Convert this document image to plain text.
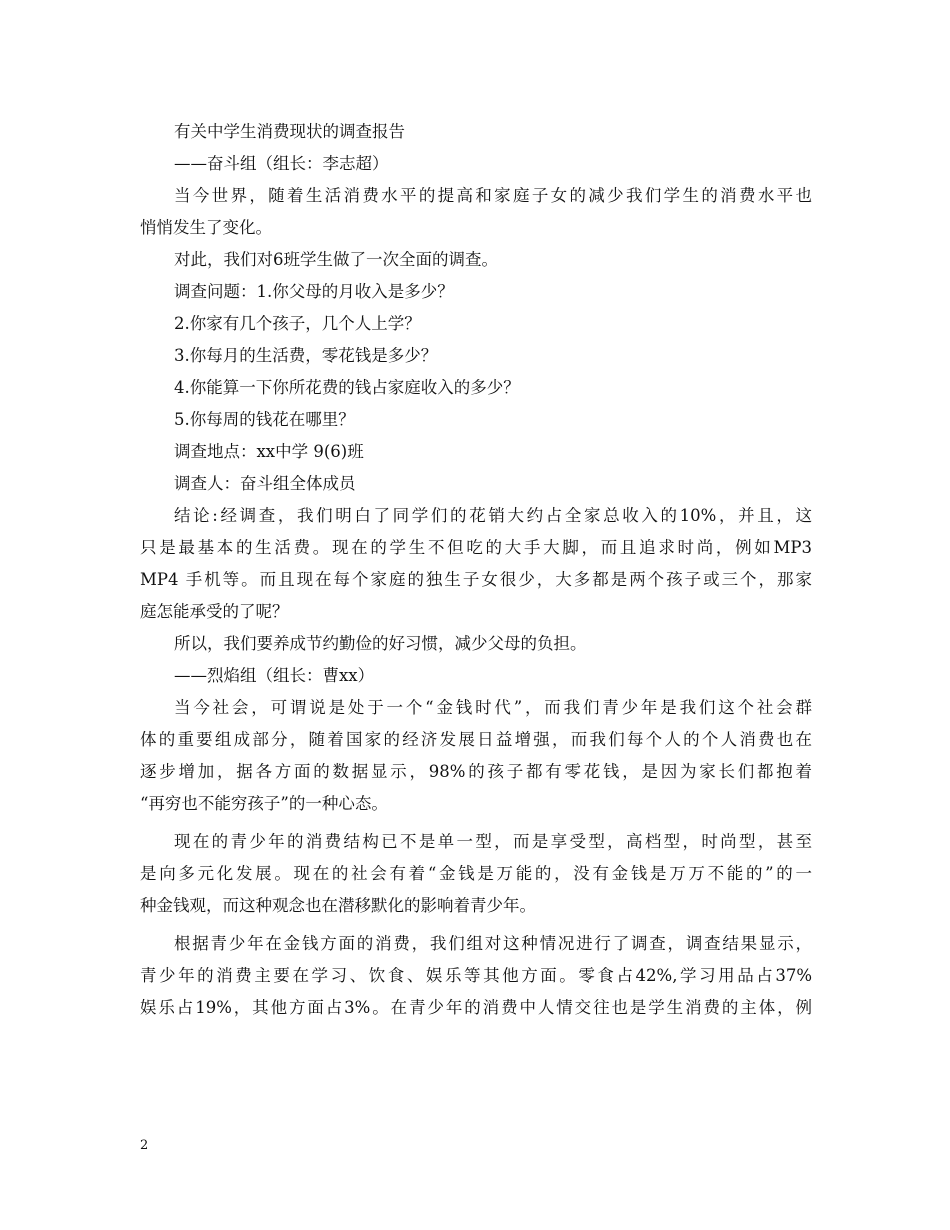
有关中学生消费现状的调查报告
——奋斗组（组长：李志超）
当今世界，随着生活消费水平的提高和家庭子女的减少我们学生的消费水平也
悄悄发生了变化。
对此，我们对6班学生做了一次全面的调查。
调查问题：1.你父母的月收入是多少？
2.你家有几个孩子，几个人上学？
3.你每月的生活费，零花钱是多少？
4.你能算一下你所花费的钱占家庭收入的多少？
5.你每周的钱花在哪里？
调查地点：xx中学 9(6)班
调查人：奋斗组全体成员
结论:经调查，我们明白了同学们的花销大约占全家总收入的10%，并且，这
只是最基本的生活费。现在的学生不但吃的大手大脚，而且追求时尚，例如MP3
MP4 手机等。而且现在每个家庭的独生子女很少，大多都是两个孩子或三个，那家
庭怎能承受的了呢？
所以，我们要养成节约勤俭的好习惯，减少父母的负担。
——烈焰组（组长：曹xx）
当今社会，可谓说是处于一个“金钱时代”，而我们青少年是我们这个社会群
体的重要组成部分，随着国家的经济发展日益增强，而我们每个人的个人消费也在
逐步增加，据各方面的数据显示，98%的孩子都有零花钱，是因为家长们都抱着
“再穷也不能穷孩子”的一种心态。
现在的青少年的消费结构已不是单一型，而是享受型，高档型，时尚型，甚至
是向多元化发展。现在的社会有着“金钱是万能的，没有金钱是万万不能的”的一
种金钱观，而这种观念也在潜移默化的影响着青少年。
根据青少年在金钱方面的消费，我们组对这种情况进行了调查，调查结果显示，
青少年的消费主要在学习、饮食、娱乐等其他方面。零食占42%,学习用品占37%
娱乐占19%，其他方面占3%。在青少年的消费中人情交往也是学生消费的主体，例
2
